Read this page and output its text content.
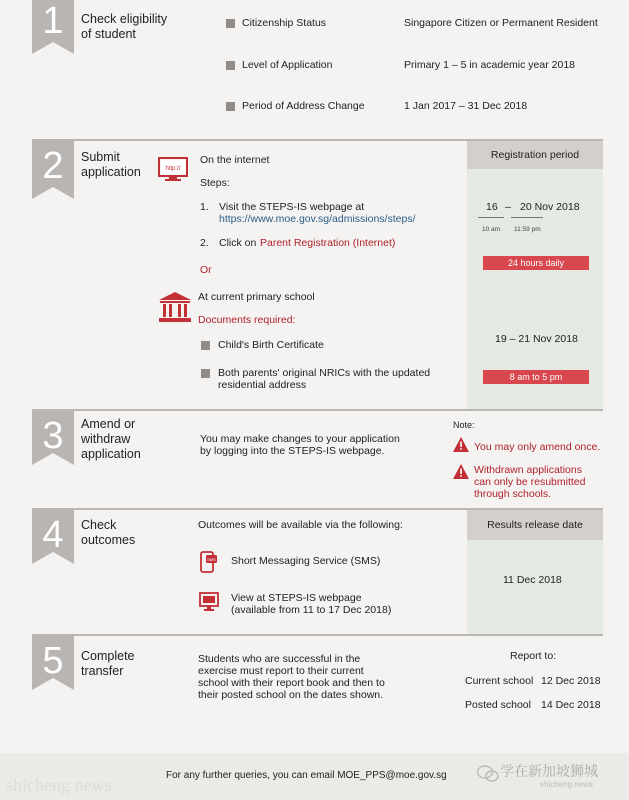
1	Check eligibility
of student
Citizenship Status	Singapore Citizen or Permanent Resident
Level of Application	Primary 1 – 5 in academic year 2018
Period of Address Change	1 Jan 2017 – 31 Dec 2018
2	Submit
application	http://
On the internet
Steps:
1. Visit the STEPS-IS webpage at
https://www.moe.gov.sg/admissions/steps/
2. Click on Parent Registration (Internet)
Or
At current primary school
Documents required:
Child's Birth Certificate
Both parents' original NRICs with the updated
residential address
Registration period
16 – 20 Nov 2018
10 am 11:59 pm
24 hours daily
19 – 21 Nov 2018
8 am to 5 pm
3	Amend or
withdraw
application
You may make changes to your application
by logging into the STEPS-IS webpage.
Note:
You may only amend once.
Withdrawn applications
can only be resubmitted
through schools.
4	Check
outcomes
Outcomes will be available via the following:
SMS Short Messaging Service (SMS)
View at STEPS-IS webpage
(available from 11 to 17 Dec 2018)
Results release date
11 Dec 2018
5	Complete
transfer
Students who are successful in the
exercise must report to their current
school with their report book and then to
their posted school on the dates shown.
Report to:
Current school 12 Dec 2018
Posted school 14 Dec 2018
For any further queries, you can email MOE_PPS@moe.gov.sg
shicheng news
学在新加坡狮城
shicheng.news
